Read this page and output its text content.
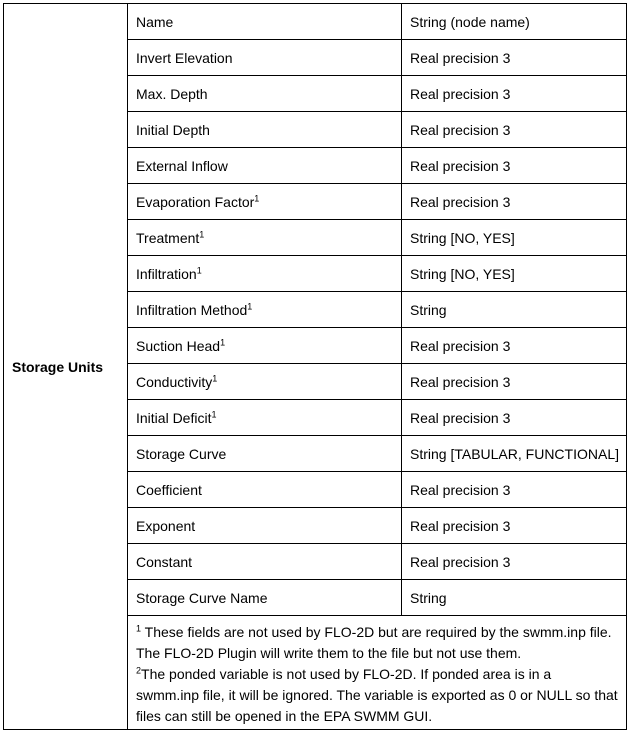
Storage Units	Name	String (node name)
	Invert Elevation	Real precision 3
	Max. Depth	Real precision 3
	Initial Depth	Real precision 3
	External Inflow	Real precision 3
	Evaporation Factor$^1$	Real precision 3
	Treatment$^1$	String [NO, YES]
	Infiltration$^1$	String [NO, YES]
	Infiltration Method$^1$	String
	Suction Head$^1$	Real precision 3
	Conductivity$^1$	Real precision 3
	Initial Deficit$^1$	Real precision 3
	Storage Curve	String [TABULAR, FUNCTIONAL]
	Coefficient	Real precision 3
	Exponent	Real precision 3
	Constant	Real precision 3
	Storage Curve Name	String

	$^1$ These fields are not used by FLO-2D but are required by the swmm.inp file. The FLO-2D Plugin will write them to the file but not use them.
$^2$The ponded variable is not used by FLO-2D. If ponded area is in a swmm.inp file, it will be ignored. The variable is exported as 0 or NULL so that files can still be opened in the EPA SWMM GUI.	
